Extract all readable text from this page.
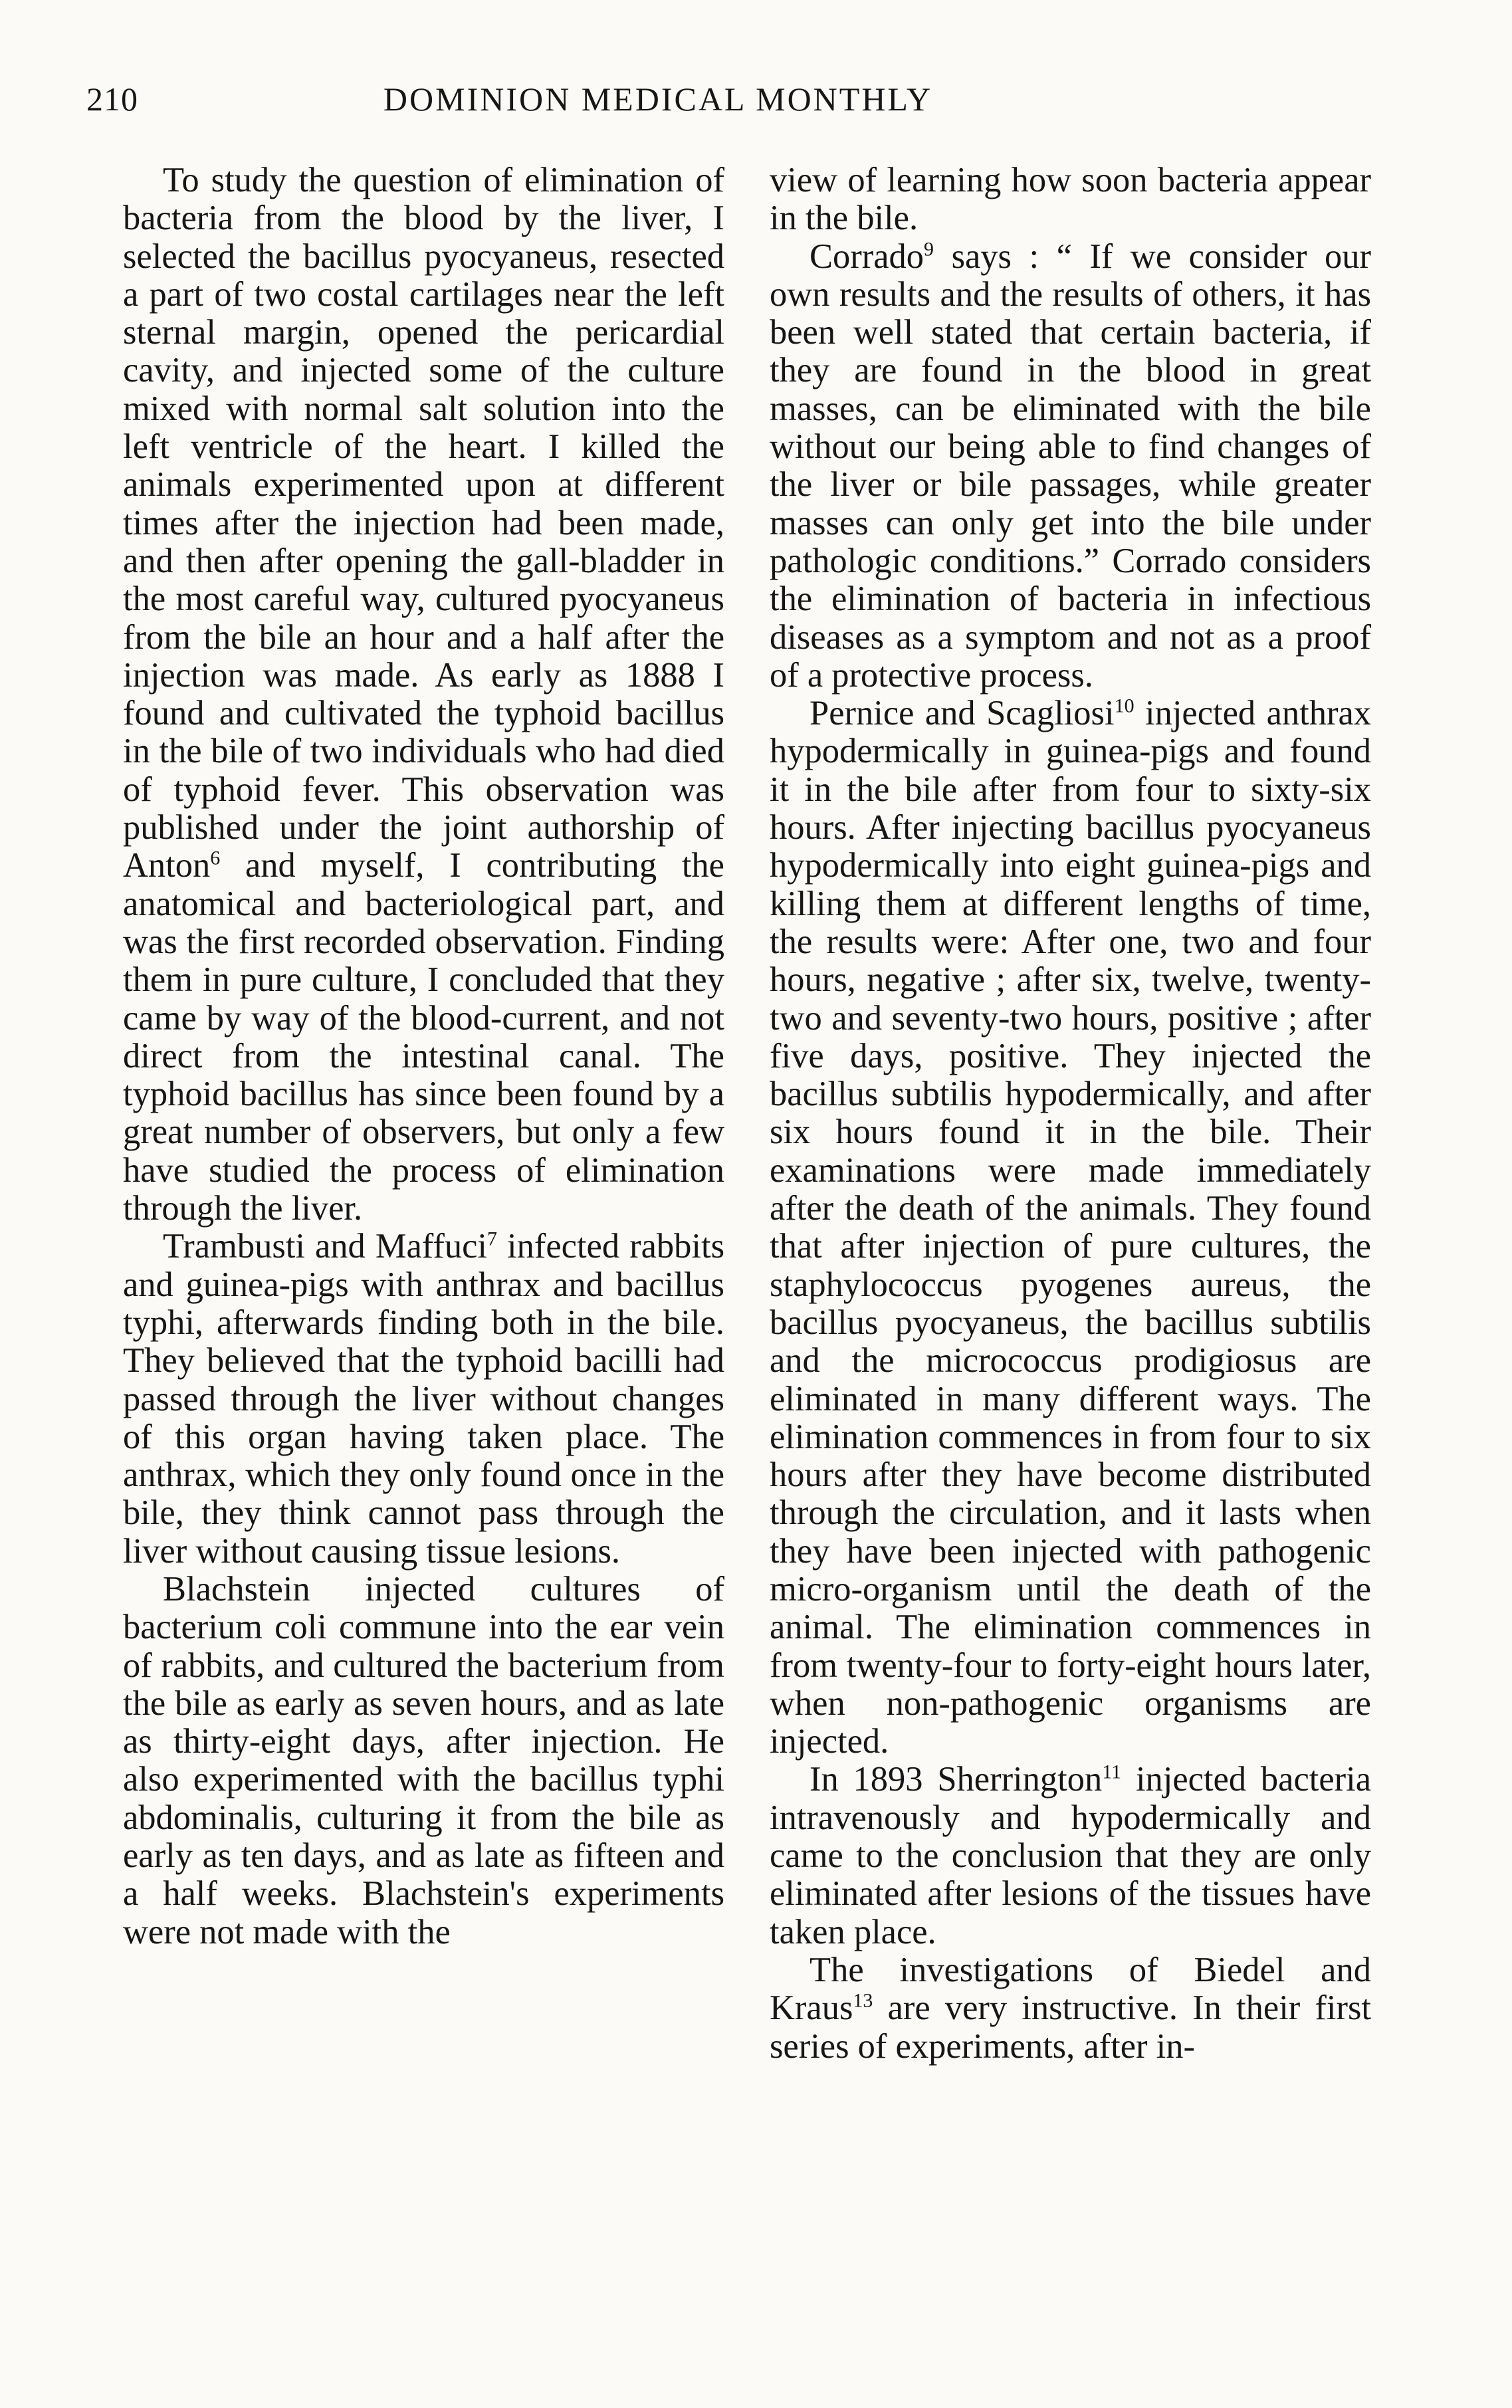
210	DOMINION MEDICAL MONTHLY

To study the question of elimination of bacteria from the blood by the liver, I selected the bacillus pyocyaneus, resected a part of two costal cartilages near the left sternal margin, opened the pericardial cavity, and injected some of the culture mixed with normal salt solution into the left ventricle of the heart. I killed the animals experimented upon at different times after the injection had been made, and then after opening the gall-bladder in the most careful way, cultured pyocyaneus from the bile an hour and a half after the injection was made. As early as 1888 I found and cultivated the typhoid bacillus in the bile of two individuals who had died of typhoid fever. This observation was published under the joint authorship of Anton$^6$ and myself, I contributing the anatomical and bacteriological part, and was the first recorded observation. Finding them in pure culture, I concluded that they came by way of the blood-current, and not direct from the intestinal canal. The typhoid bacillus has since been found by a great number of observers, but only a few have studied the process of elimination through the liver.

Trambusti and Maffuci$^7$ infected rabbits and guinea-pigs with anthrax and bacillus typhi, afterwards finding both in the bile. They believed that the typhoid bacilli had passed through the liver without changes of this organ having taken place. The anthrax, which they only found once in the bile, they think cannot pass through the liver without causing tissue lesions.

Blachstein injected cultures of bacterium coli commune into the ear vein of rabbits, and cultured the bacterium from the bile as early as seven hours, and as late as thirty-eight days, after injection. He also experimented with the bacillus typhi abdominalis, culturing it from the bile as early as ten days, and as late as fifteen and a half weeks. Blachstein's experiments were not made with the

view of learning how soon bacteria appear in the bile.

Corrado$^9$ says : “ If we consider our own results and the results of others, it has been well stated that certain bacteria, if they are found in the blood in great masses, can be eliminated with the bile without our being able to find changes of the liver or bile passages, while greater masses can only get into the bile under pathologic conditions.” Corrado considers the elimination of bacteria in infectious diseases as a symptom and not as a proof of a protective process.

Pernice and Scagliosi$^{10}$ injected anthrax hypodermically in guinea-pigs and found it in the bile after from four to sixty-six hours. After injecting bacillus pyocyaneus hypodermically into eight guinea-pigs and killing them at different lengths of time, the results were: After one, two and four hours, negative ; after six, twelve, twenty-two and seventy-two hours, positive ; after five days, positive. They injected the bacillus subtilis hypodermically, and after six hours found it in the bile. Their examinations were made immediately after the death of the animals. They found that after injection of pure cultures, the staphylococcus pyogenes aureus, the bacillus pyocyaneus, the bacillus subtilis and the micrococcus prodigiosus are eliminated in many different ways. The elimination commences in from four to six hours after they have become distributed through the circulation, and it lasts when they have been injected with pathogenic micro-organism until the death of the animal. The elimination commences in from twenty-four to forty-eight hours later, when non-pathogenic organisms are injected.

In 1893 Sherrington$^{11}$ injected bacteria intravenously and hypodermically and came to the conclusion that they are only eliminated after lesions of the tissues have taken place.

The investigations of Biedel and Kraus$^{13}$ are very instructive. In their first series of experiments, after in-
